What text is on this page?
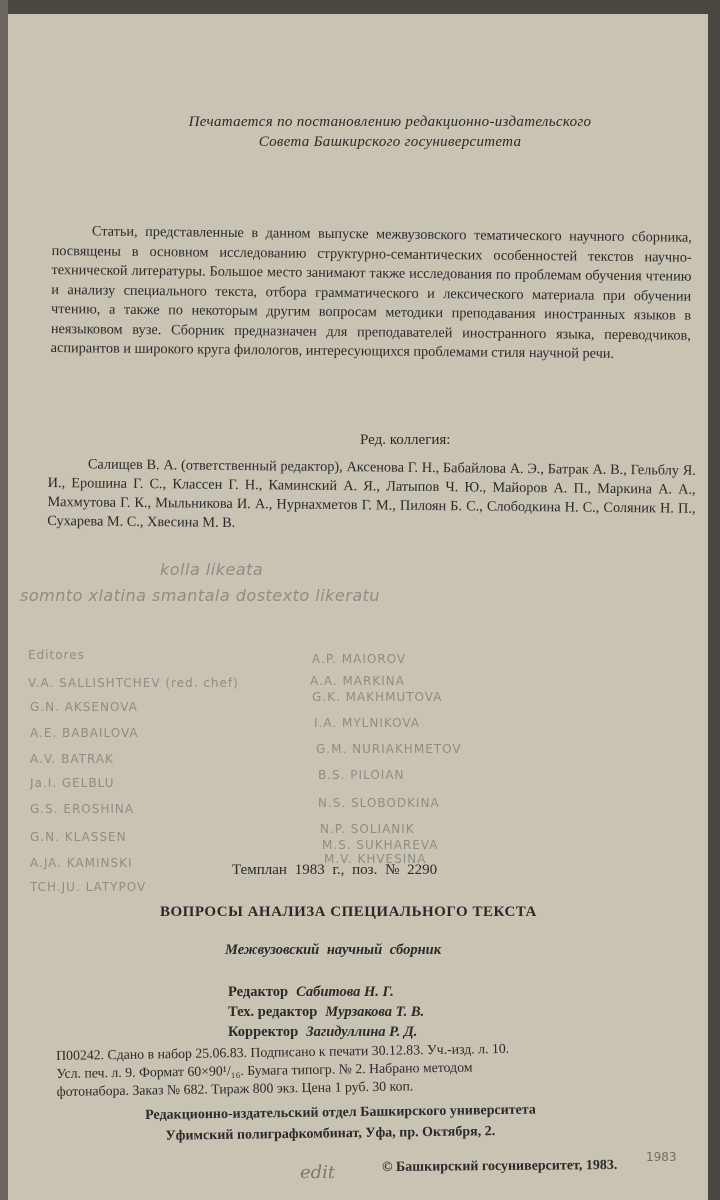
Печатается по постановлению редакционно-издательского
Совета Башкирского госуниверситета

Статьи, представленные в данном выпуске межвузовского тематического научного сборника, посвящены в основном исследованию структурно-семантических особенностей текстов научно-технической литературы. Большое место занимают также исследования по проблемам обучения чтению и анализу специального текста, отбора грамматического и лексического материала при обучении чтению, а также по некоторым другим вопросам методики преподавания иностранных языков в неязыковом вузе. Сборник предназначен для преподавателей иностранного языка, переводчиков, аспирантов и широкого круга филологов, интересующихся проблемами стиля научной речи.

Ред. коллегия:

Салищев В. А. (ответственный редактор), Аксенова Г. Н., Бабайлова А. Э., Батрак А. В., Гельблу Я. И., Ерошина Г. С., Классен Г. Н., Каминский А. Я., Латыпов Ч. Ю., Майоров А. П., Маркина А. А., Махмутова Г. К., Мыльникова И. А., Нурнахметов Г. М., Пилоян Б. С., Слободкина Н. С., Соляник Н. П., Сухарева М. С., Хвесина М. В.

kolla likeata
somnto xlatina smantala dostexto likeratu
Editores
V.A. SALLISHTCHEV (red. chef)
G.N. AKSENOVA
A.E. BABAILOVA
A.V. BATRAK
Ja.I. GELBLU
G.S. EROSHINA
G.N. KLASSEN
A.JA. KAMINSKI
TCH.JU. LATYPOV
A.P. MAIOROV
A.A. MARKINA
G.K. MAKHMUTOVA
I.A. MYLNIKOVA
G.M. NURIAKHMETOV
B.S. PILOIAN
N.S. SLOBODKINA
N.P. SOLIANIK
M.S. SUKHAREVA
M.V. KHVESINA
Темплан 1983 г., поз. № 2290
ВОПРОСЫ АНАЛИЗА СПЕЦИАЛЬНОГО ТЕКСТА
Межвузовский научный сборник
Редактор Сабитова Н. Г.
Тех. редактор Мурзакова Т. В.
Корректор Загидуллина Р. Д.
П00242. Сдано в набор 25.06.83. Подписано к печати 30.12.83. Уч.-изд. л. 10.
Усл. печ. л. 9. Формат 60×90¹/₁₆. Бумага типогр. № 2. Набрано методом
фотонабора. Заказ № 682. Тираж 800 экз. Цена 1 руб. 30 коп.
Редакционно-издательский отдел Башкирского университета
Уфимский полиграфкомбинат, Уфа, пр. Октября, 2.
edit	© Башкирский госуниверситет, 1983.
1983
